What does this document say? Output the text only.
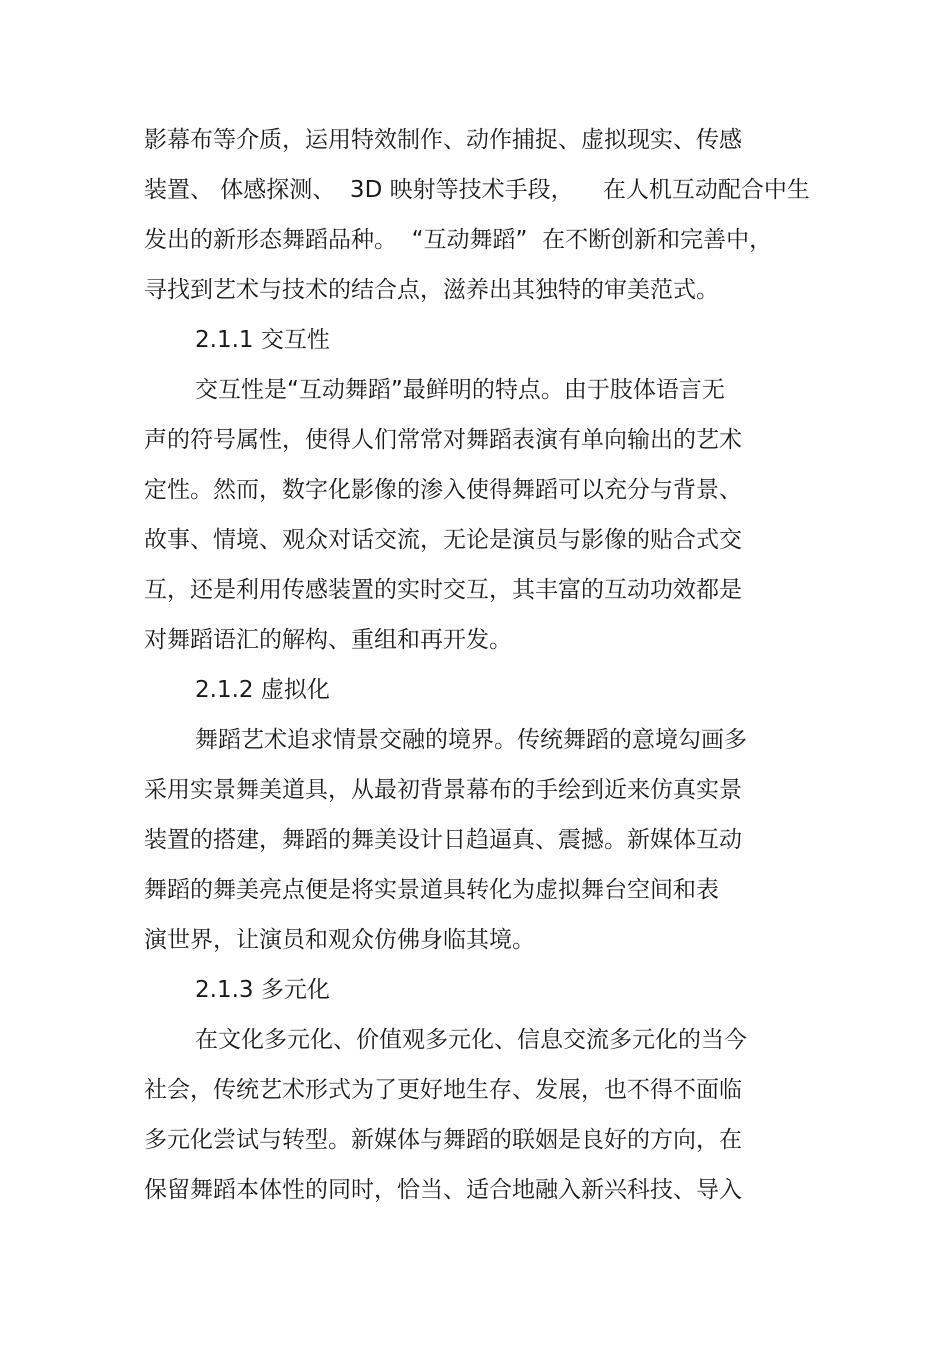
影幕布等介质，运用特效制作、动作捕捉、虚拟现实、传感

装置、 体感探测、  3D 映射等技术手段，    在人机互动配合中生

发出的新形态舞蹈品种。  “互动舞蹈”  在不断创新和完善中，

寻找到艺术与技术的结合点，滋养出其独特的审美范式。

2.1.1 交互性

交互性是“互动舞蹈”最鲜明的特点。由于肢体语言无

声的符号属性，使得人们常常对舞蹈表演有单向输出的艺术

定性。然而，数字化影像的渗入使得舞蹈可以充分与背景、

故事、情境、观众对话交流，无论是演员与影像的贴合式交

互，还是利用传感装置的实时交互，其丰富的互动功效都是

对舞蹈语汇的解构、重组和再开发。

2.1.2 虚拟化

舞蹈艺术追求情景交融的境界。传统舞蹈的意境勾画多

采用实景舞美道具，从最初背景幕布的手绘到近来仿真实景

装置的搭建，舞蹈的舞美设计日趋逼真、震撼。新媒体互动

舞蹈的舞美亮点便是将实景道具转化为虚拟舞台空间和表

演世界，让演员和观众仿佛身临其境。

2.1.3 多元化

在文化多元化、价值观多元化、信息交流多元化的当今

社会，传统艺术形式为了更好地生存、发展，也不得不面临

多元化尝试与转型。新媒体与舞蹈的联姻是良好的方向，在

保留舞蹈本体性的同时，恰当、适合地融入新兴科技、导入
